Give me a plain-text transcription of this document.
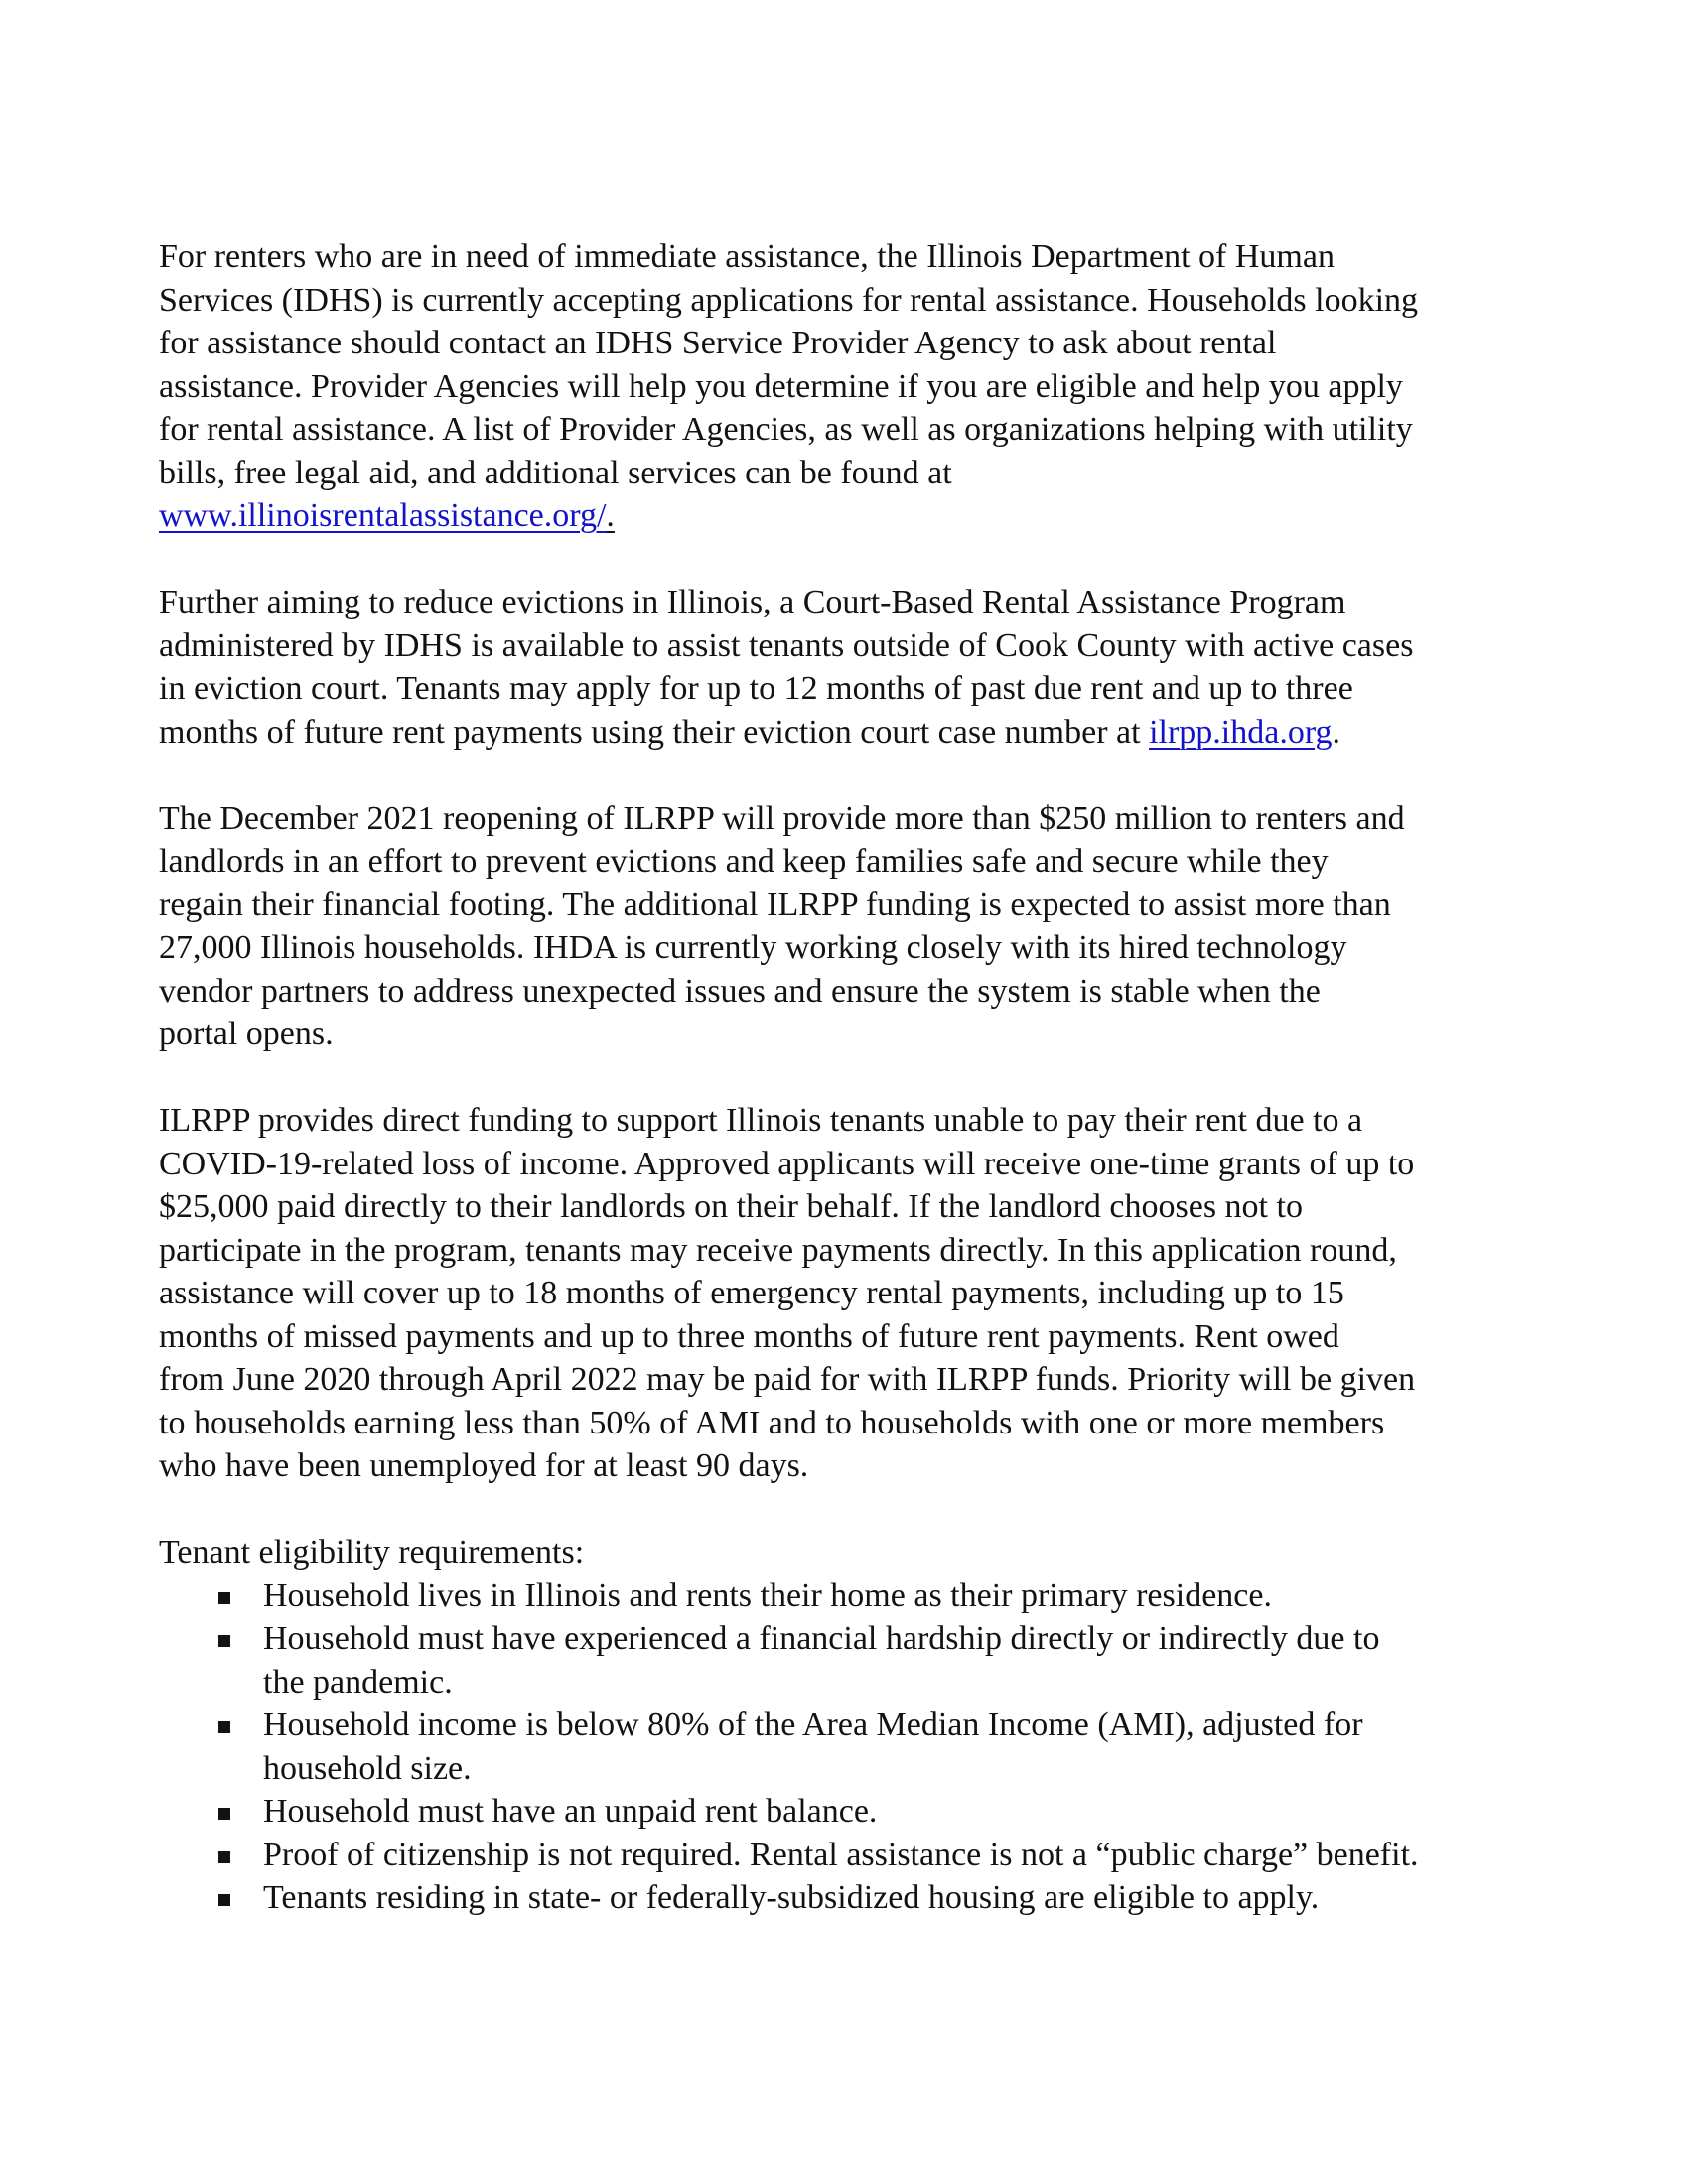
For renters who are in need of immediate assistance, the Illinois Department of Human
Services (IDHS) is currently accepting applications for rental assistance. Households looking
for assistance should contact an IDHS Service Provider Agency to ask about rental
assistance. Provider Agencies will help you determine if you are eligible and help you apply
for rental assistance. A list of Provider Agencies, as well as organizations helping with utility
bills, free legal aid, and additional services can be found at
www.illinoisrentalassistance.org/.
Further aiming to reduce evictions in Illinois, a Court-Based Rental Assistance Program
administered by IDHS is available to assist tenants outside of Cook County with active cases
in eviction court. Tenants may apply for up to 12 months of past due rent and up to three
months of future rent payments using their eviction court case number at ilrpp.ihda.org.
The December 2021 reopening of ILRPP will provide more than $250 million to renters and
landlords in an effort to prevent evictions and keep families safe and secure while they
regain their financial footing. The additional ILRPP funding is expected to assist more than
27,000 Illinois households. IHDA is currently working closely with its hired technology
vendor partners to address unexpected issues and ensure the system is stable when the
portal opens.
ILRPP provides direct funding to support Illinois tenants unable to pay their rent due to a
COVID-19-related loss of income. Approved applicants will receive one-time grants of up to
$25,000 paid directly to their landlords on their behalf. If the landlord chooses not to
participate in the program, tenants may receive payments directly. In this application round,
assistance will cover up to 18 months of emergency rental payments, including up to 15
months of missed payments and up to three months of future rent payments. Rent owed
from June 2020 through April 2022 may be paid for with ILRPP funds. Priority will be given
to households earning less than 50% of AMI and to households with one or more members
who have been unemployed for at least 90 days.
Tenant eligibility requirements:
Household lives in Illinois and rents their home as their primary residence.
Household must have experienced a financial hardship directly or indirectly due to
the pandemic.
Household income is below 80% of the Area Median Income (AMI), adjusted for
household size.
Household must have an unpaid rent balance.
Proof of citizenship is not required. Rental assistance is not a “public charge” benefit.
Tenants residing in state- or federally-subsidized housing are eligible to apply.
